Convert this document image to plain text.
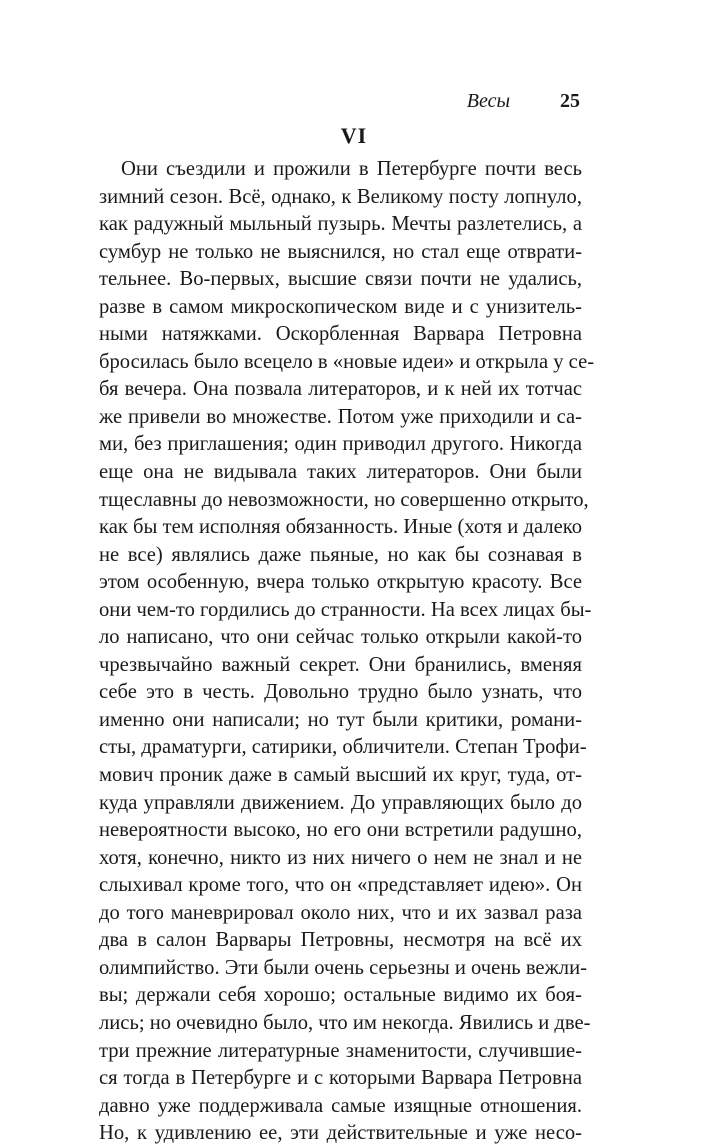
Весы	25
VI
Они съездили и прожили в Петербурге почти весь
зимний сезон. Всё, однако, к Великому посту лопнуло,
как радужный мыльный пузырь. Мечты разлетелись, а
сумбур не только не выяснился, но стал еще отврати-
тельнее. Во-первых, высшие связи почти не удались,
разве в самом микроскопическом виде и с унизитель-
ными натяжками. Оскорбленная Варвара Петровна
бросилась было всецело в «новые идеи» и открыла у се-
бя вечера. Она позвала литераторов, и к ней их тотчас
же привели во множестве. Потом уже приходили и са-
ми, без приглашения; один приводил другого. Никогда
еще она не видывала таких литераторов. Они были
тщеславны до невозможности, но совершенно открыто,
как бы тем исполняя обязанность. Иные (хотя и далеко
не все) являлись даже пьяные, но как бы сознавая в
этом особенную, вчера только открытую красоту. Все
они чем-то гордились до странности. На всех лицах бы-
ло написано, что они сейчас только открыли какой-то
чрезвычайно важный секрет. Они бранились, вменяя
себе это в честь. Довольно трудно было узнать, что
именно они написали; но тут были критики, романи-
сты, драматурги, сатирики, обличители. Степан Трофи-
мович проник даже в самый высший их круг, туда, от-
куда управляли движением. До управляющих было до
невероятности высоко, но его они встретили радушно,
хотя, конечно, никто из них ничего о нем не знал и не
слыхивал кроме того, что он «представляет идею». Он
до того маневрировал около них, что и их зазвал раза
два в салон Варвары Петровны, несмотря на всё их
олимпийство. Эти были очень серьезны и очень вежли-
вы; держали себя хорошо; остальные видимо их боя-
лись; но очевидно было, что им некогда. Явились и две-
три прежние литературные знаменитости, случившие-
ся тогда в Петербурге и с которыми Варвара Петровна
давно уже поддерживала самые изящные отношения.
Но, к удивлению ее, эти действительные и уже несо-
